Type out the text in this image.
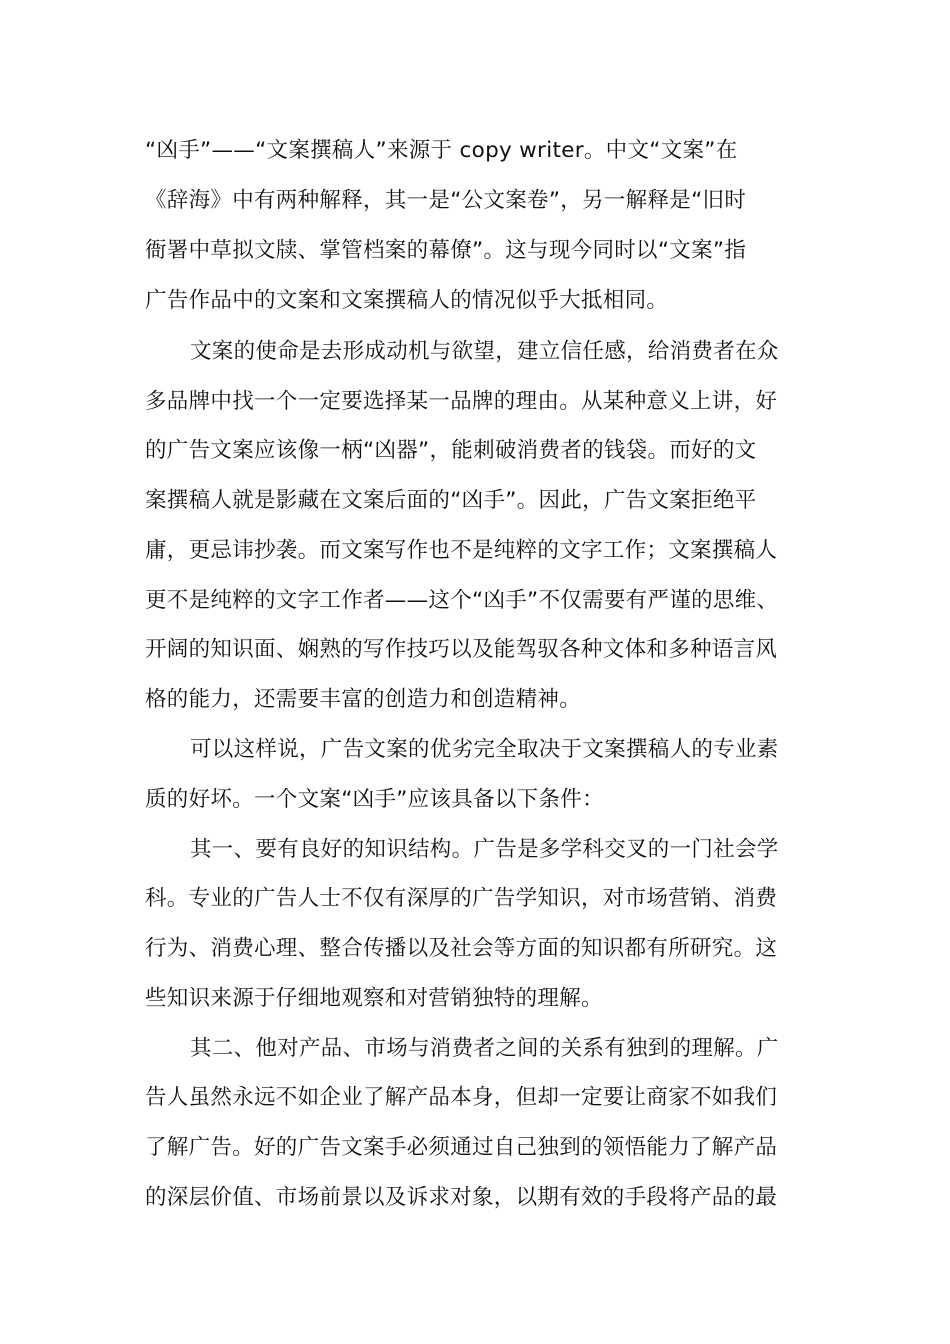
“凶手”——“文案撰稿人”来源于 copy writer。中文“文案”在
《辞海》中有两种解释，其一是“公文案卷”，另一解释是“旧时
衙署中草拟文牍、掌管档案的幕僚”。这与现今同时以“文案”指
广告作品中的文案和文案撰稿人的情况似乎大抵相同。
文案的使命是去形成动机与欲望，建立信任感，给消费者在众
多品牌中找一个一定要选择某一品牌的理由。从某种意义上讲，好
的广告文案应该像一柄“凶器”，能刺破消费者的钱袋。而好的文
案撰稿人就是影藏在文案后面的“凶手”。因此，广告文案拒绝平
庸，更忌讳抄袭。而文案写作也不是纯粹的文字工作；文案撰稿人
更不是纯粹的文字工作者——这个“凶手”不仅需要有严谨的思维、
开阔的知识面、娴熟的写作技巧以及能驾驭各种文体和多种语言风
格的能力，还需要丰富的创造力和创造精神。
可以这样说，广告文案的优劣完全取决于文案撰稿人的专业素
质的好坏。一个文案“凶手”应该具备以下条件：
其一、要有良好的知识结构。广告是多学科交叉的一门社会学
科。专业的广告人士不仅有深厚的广告学知识，对市场营销、消费
行为、消费心理、整合传播以及社会等方面的知识都有所研究。这
些知识来源于仔细地观察和对营销独特的理解。
其二、他对产品、市场与消费者之间的关系有独到的理解。广
告人虽然永远不如企业了解产品本身，但却一定要让商家不如我们
了解广告。好的广告文案手必须通过自己独到的领悟能力了解产品
的深层价值、市场前景以及诉求对象，以期有效的手段将产品的最
